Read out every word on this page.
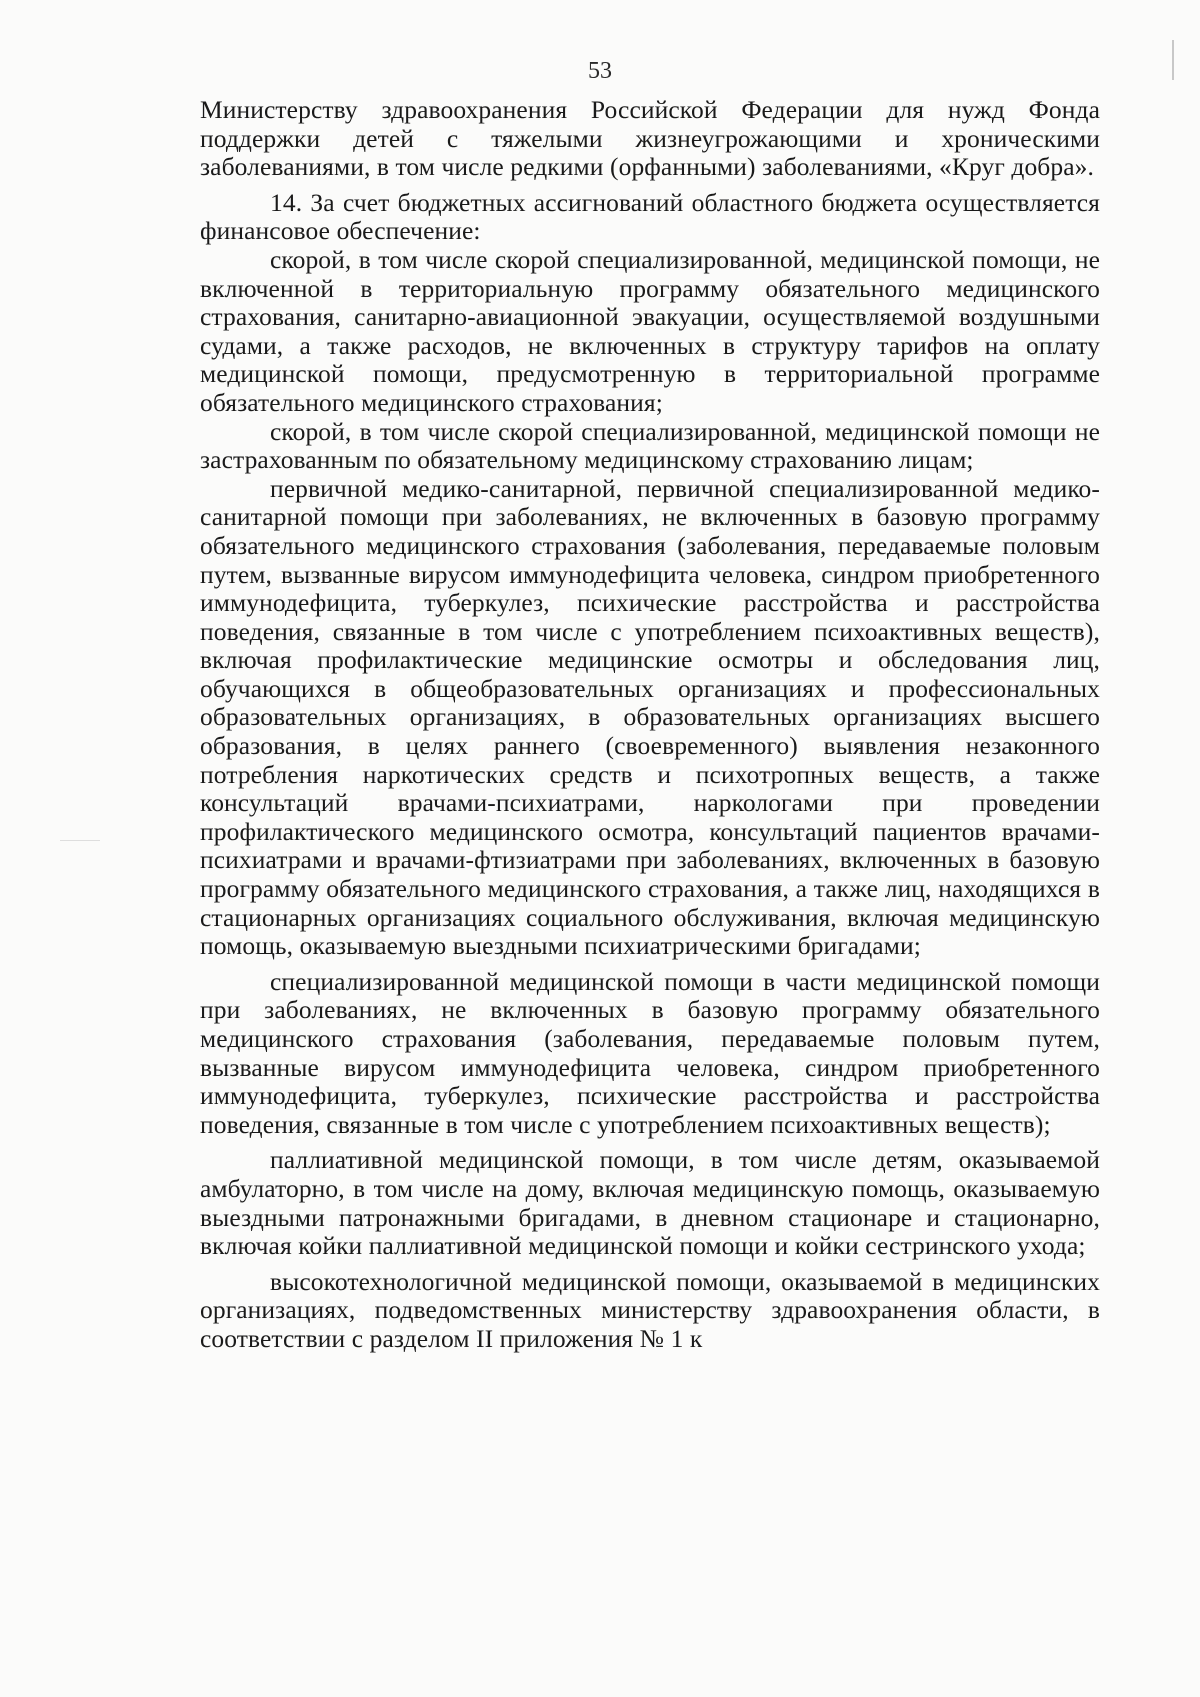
53

Министерству здравоохранения Российской Федерации для нужд Фонда поддержки детей с тяжелыми жизнеугрожающими и хроническими заболеваниями, в том числе редкими (орфанными) заболеваниями, «Круг добра».

14. За счет бюджетных ассигнований областного бюджета осуществляется финансовое обеспечение:

скорой, в том числе скорой специализированной, медицинской помощи, не включенной в территориальную программу обязательного медицинского страхования, санитарно-авиационной эвакуации, осуществляемой воздушными судами, а также расходов, не включенных в структуру тарифов на оплату медицинской помощи, предусмотренную в территориальной программе обязательного медицинского страхования;

скорой, в том числе скорой специализированной, медицинской помощи не застрахованным по обязательному медицинскому страхованию лицам;

первичной медико-санитарной, первичной специализированной медико-санитарной помощи при заболеваниях, не включенных в базовую программу обязательного медицинского страхования (заболевания, передаваемые половым путем, вызванные вирусом иммунодефицита человека, синдром приобретенного иммунодефицита, туберкулез, психические расстройства и расстройства поведения, связанные в том числе с употреблением психоактивных веществ), включая профилактические медицинские осмотры и обследования лиц, обучающихся в общеобразовательных организациях и профессиональных образовательных организациях, в образовательных организациях высшего образования, в целях раннего (своевременного) выявления незаконного потребления наркотических средств и психотропных веществ, а также консультаций врачами-психиатрами, наркологами при проведении профилактического медицинского осмотра, консультаций пациентов врачами-психиатрами и врачами-фтизиатрами при заболеваниях, включенных в базовую программу обязательного медицинского страхования, а также лиц, находящихся в стационарных организациях социального обслуживания, включая медицинскую помощь, оказываемую выездными психиатрическими бригадами;

специализированной медицинской помощи в части медицинской помощи при заболеваниях, не включенных в базовую программу обязательного медицинского страхования (заболевания, передаваемые половым путем, вызванные вирусом иммунодефицита человека, синдром приобретенного иммунодефицита, туберкулез, психические расстройства и расстройства поведения, связанные в том числе с употреблением психоактивных веществ);

паллиативной медицинской помощи, в том числе детям, оказываемой амбулаторно, в том числе на дому, включая медицинскую помощь, оказываемую выездными патронажными бригадами, в дневном стационаре и стационарно, включая койки паллиативной медицинской помощи и койки сестринского ухода;

высокотехнологичной медицинской помощи, оказываемой в медицинских организациях, подведомственных министерству здравоохранения области, в соответствии с разделом II приложения № 1 к
